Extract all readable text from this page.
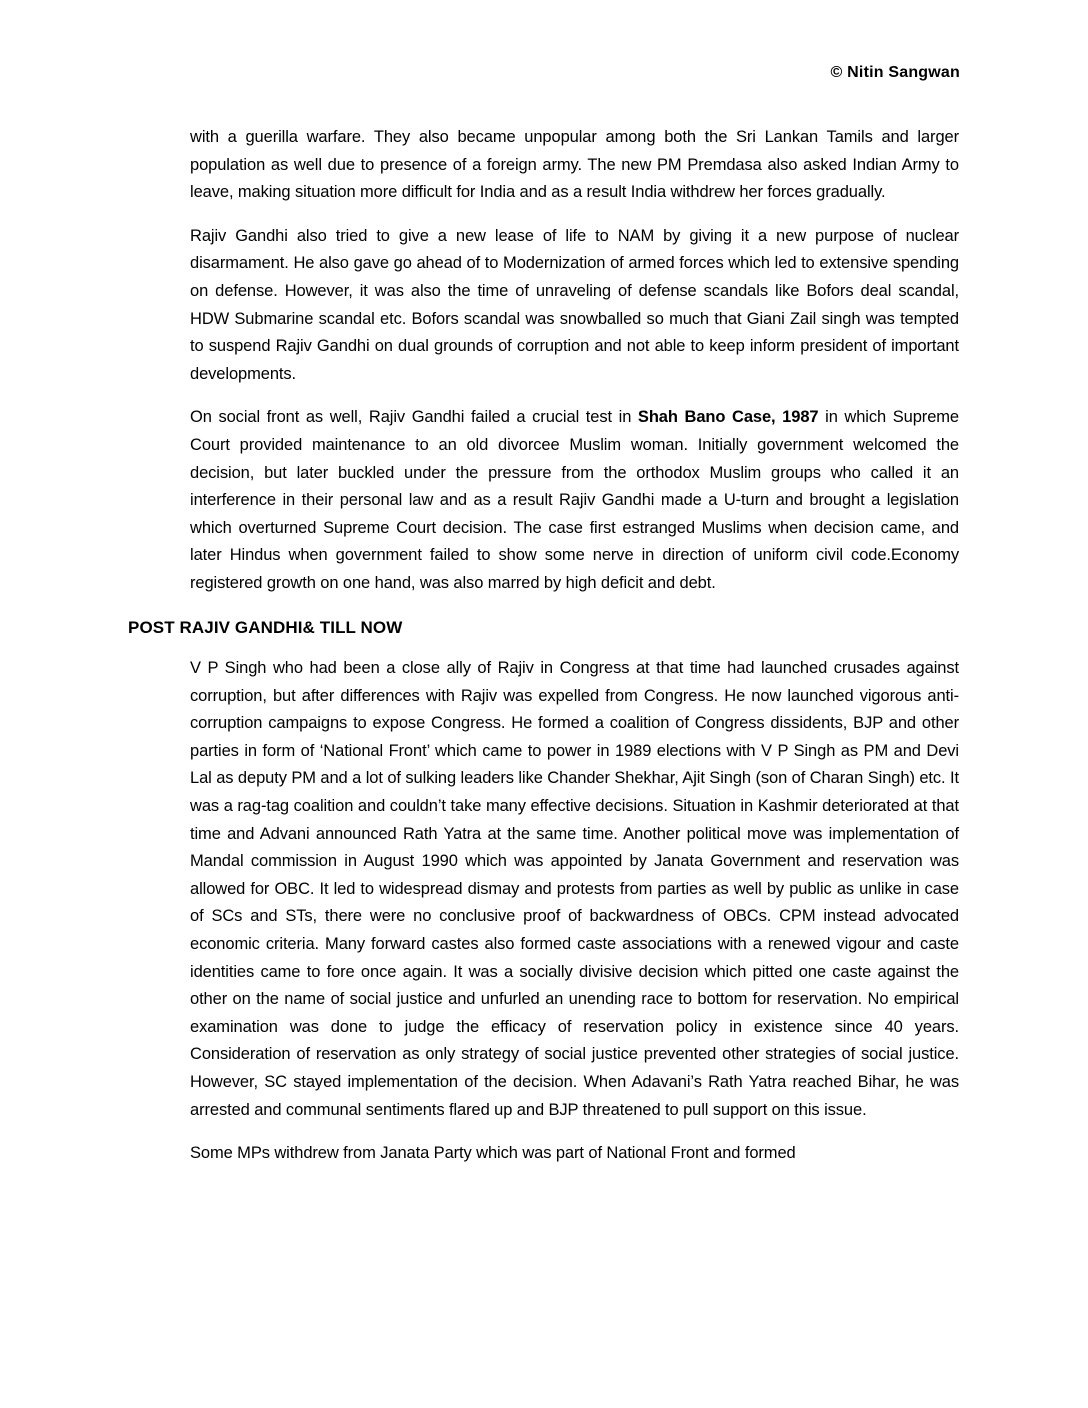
© Nitin Sangwan

with a guerilla warfare. They also became unpopular among both the Sri Lankan Tamils and larger population as well due to presence of a foreign army. The new PM Premdasa also asked Indian Army to leave, making situation more difficult for India and as a result India withdrew her forces gradually.

Rajiv Gandhi also tried to give a new lease of life to NAM by giving it a new purpose of nuclear disarmament. He also gave go ahead of to Modernization of armed forces which led to extensive spending on defense. However, it was also the time of unraveling of defense scandals like Bofors deal scandal, HDW Submarine scandal etc. Bofors scandal was snowballed so much that Giani Zail singh was tempted to suspend Rajiv Gandhi on dual grounds of corruption and not able to keep inform president of important developments.

On social front as well, Rajiv Gandhi failed a crucial test in Shah Bano Case, 1987 in which Supreme Court provided maintenance to an old divorcee Muslim woman. Initially government welcomed the decision, but later buckled under the pressure from the orthodox Muslim groups who called it an interference in their personal law and as a result Rajiv Gandhi made a U-turn and brought a legislation which overturned Supreme Court decision. The case first estranged Muslims when decision came, and later Hindus when government failed to show some nerve in direction of uniform civil code.Economy registered growth on one hand, was also marred by high deficit and debt.

POST RAJIV GANDHI& TILL NOW

V P Singh who had been a close ally of Rajiv in Congress at that time had launched crusades against corruption, but after differences with Rajiv was expelled from Congress. He now launched vigorous anti-corruption campaigns to expose Congress. He formed a coalition of Congress dissidents, BJP and other parties in form of ‘National Front’ which came to power in 1989 elections with V P Singh as PM and Devi Lal as deputy PM and a lot of sulking leaders like Chander Shekhar, Ajit Singh (son of Charan Singh) etc. It was a rag-tag coalition and couldn’t take many effective decisions. Situation in Kashmir deteriorated at that time and Advani announced Rath Yatra at the same time. Another political move was implementation of Mandal commission in August 1990 which was appointed by Janata Government and reservation was allowed for OBC. It led to widespread dismay and protests from parties as well by public as unlike in case of SCs and STs, there were no conclusive proof of backwardness of OBCs. CPM instead advocated economic criteria. Many forward castes also formed caste associations with a renewed vigour and caste identities came to fore once again. It was a socially divisive decision which pitted one caste against the other on the name of social justice and unfurled an unending race to bottom for reservation. No empirical examination was done to judge the efficacy of reservation policy in existence since 40 years. Consideration of reservation as only strategy of social justice prevented other strategies of social justice. However, SC stayed implementation of the decision. When Adavani’s Rath Yatra reached Bihar, he was arrested and communal sentiments flared up and BJP threatened to pull support on this issue.

Some MPs withdrew from Janata Party which was part of National Front and formed
